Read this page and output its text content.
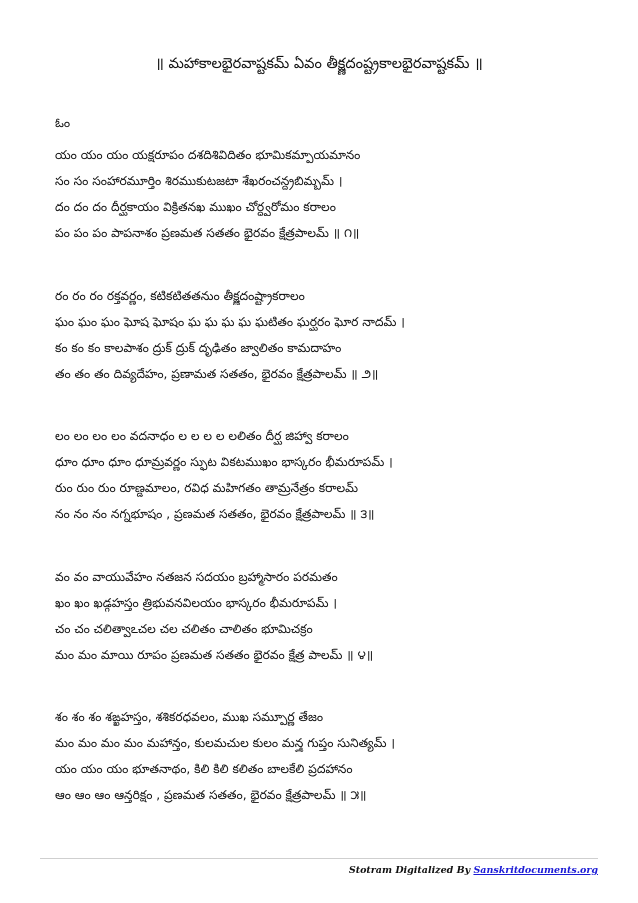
॥ మహాకాలభైరవాష్టకమ్ ఏవం తీక్ష్ణదంష్ట్రకాలభైరవాష్టకమ్ ॥
ఓం
యం యం యం యక్షరూపం దశదిశివిదితం భూమికమ్పాయమానం
సం సం సంహారమూర్తిం శిరముకుటజటా శేఖరంచన్ద్రబిమ్బమ్ ।
దం దం దం దీర్ఘకాయం విక్రితనఖ ముఖం చోర్ధ్వరోమం కరాలం
పం పం పం పాపనాశం ప్రణమత సతతం భైరవం క్షేత్రపాలమ్ ॥ ౧॥
రం రం రం రక్తవర్ణం, కటికటితతనుం తీక్ష్ణదంష్ట్రాకరాలం
ఘం ఘం ఘం ఘోష ఘోషం ఘ ఘ ఘ ఘ ఘటితం ఘర్ఘరం ఘోర నాదమ్ ।
కం కం కం కాలపాశం ద్రుక్ ద్రుక్ దృఢితం జ్వాలితం కామదాహం
తం తం తం దివ్యదేహం, ప్రణామత సతతం, భైరవం క్షేత్రపాలమ్ ॥ ౨॥
లం లం లం లం వదనాధం ల ల ల ల లలితం దీర్ఘ జిహ్వా కరాలం
ధూం ధూం ధూం ధూమ్రవర్ణం స్ఫుట వికటముఖం భాస్కరం భీమరూపమ్ ।
రుం రుం రుం రూణ్డమాలం, రవిధ మహిగతం తామ్రనేత్రం కరాలమ్
నం నం నం నగ్నభూషం , ప్రణమత సతతం, భైరవం క్షేత్రపాలమ్ ॥ ౩॥
వం వం వాయువేహం నతజన సదయం బ్రహ్మాసారం పరమతం
ఖం ఖం ఖడ్గహస్తం త్రిభువనవిలయం భాస్కరం భీమరూపమ్ ।
చం చం చలిత్వాఽచల చల చలితం చాలితం భూమిచక్రం
మం మం మాయి రూపం ప్రణమత సతతం భైరవం క్షేత్ర పాలమ్ ॥ ౪॥
శం శం శం శఙ్ఖహస్తం, శశికరధవలం, ముఖ సమ్పూర్ణ తేజం
మం మం మం మం మహాన్తం, కులమచుల కులం మన్త్ర గుప్తం సునిత్యమ్ ।
యం యం యం భూతనాథం, కిలి కిలి కలితం బాలకేలి ప్రదహానం
ఆం ఆం ఆం ఆన్తరిక్షం , ప్రణమత సతతం, భైరవం క్షేత్రపాలమ్ ॥ ౫॥
Stotram Digitalized By Sanskritdocuments.org
